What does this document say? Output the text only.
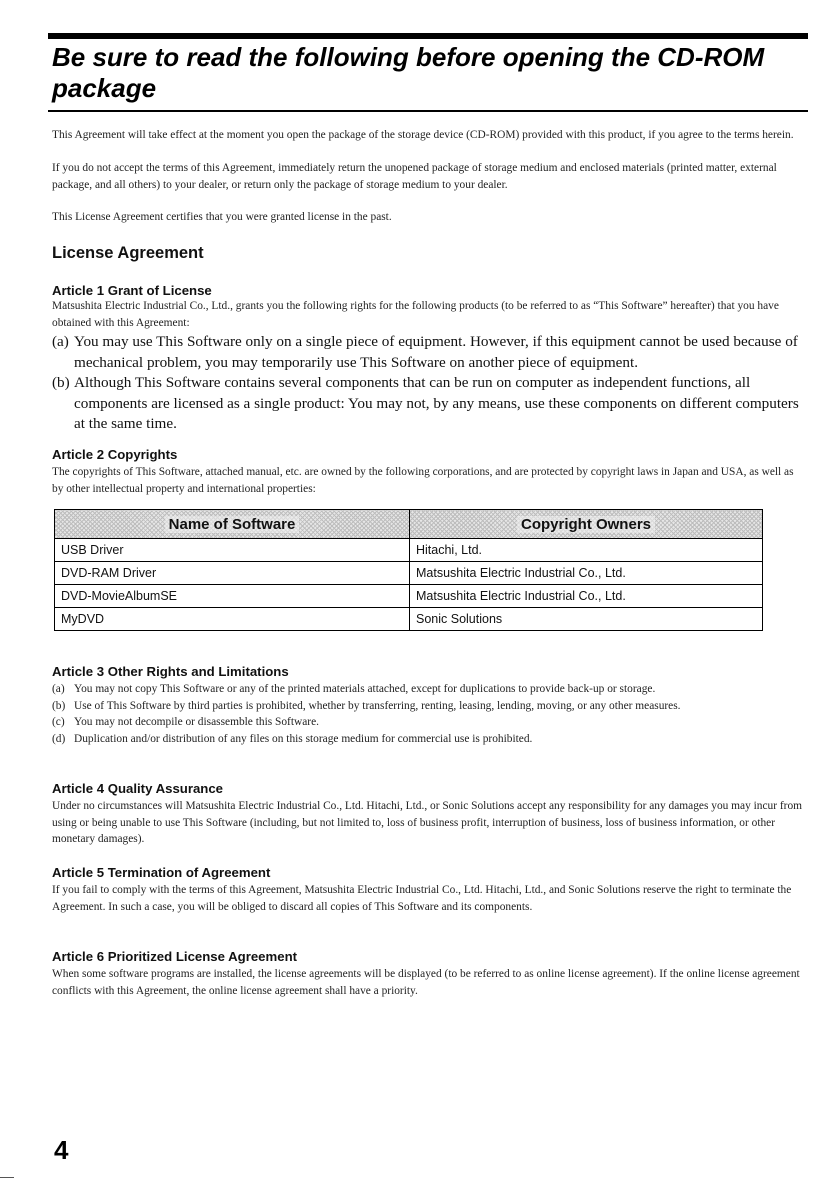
Be sure to read the following before opening the CD-ROM package

This Agreement will take effect at the moment you open the package of the storage device (CD-ROM) provided with this product, if you agree to the terms herein.

If you do not accept the terms of this Agreement, immediately return the unopened package of storage medium and enclosed materials (printed matter, external package, and all others) to your dealer, or return only the package of storage medium to your dealer.

This License Agreement certifies that you were granted license in the past.

License Agreement
Article 1 Grant of License

Matsushita Electric Industrial Co., Ltd., grants you the following rights for the following products (to be referred to as “This Software” hereafter) that you have obtained with this Agreement:

(a) You may use This Software only on a single piece of equipment. However, if this equipment cannot be used because of mechanical problem, you may temporarily use This Software on another piece of equipment.
(b) Although This Software contains several components that can be run on computer as independent functions, all components are licensed as a single product: You may not, by any means, use these components on different computers at the same time.
Article 2 Copyrights

The copyrights of This Software, attached manual, etc. are owned by the following corporations, and are protected by copyright laws in Japan and USA, as well as by other intellectual property and international properties:

Name of Software	Copyright Owners
USB Driver	Hitachi, Ltd.
DVD-RAM Driver	Matsushita Electric Industrial Co., Ltd.
DVD-MovieAlbumSE	Matsushita Electric Industrial Co., Ltd.
MyDVD	Sonic Solutions
Article 3 Other Rights and Limitations
(a) You may not copy This Software or any of the printed materials attached, except for duplications to provide back-up or storage.
(b) Use of This Software by third parties is prohibited, whether by transferring, renting, leasing, lending, moving, or any other measures.
(c) You may not decompile or disassemble this Software.
(d) Duplication and/or distribution of any files on this storage medium for commercial use is prohibited.
Article 4 Quality Assurance

Under no circumstances will Matsushita Electric Industrial Co., Ltd. Hitachi, Ltd., or Sonic Solutions accept any responsibility for any damages you may incur from using or being unable to use This Software (including, but not limited to, loss of business profit, interruption of business, loss of business information, or other monetary damages).

Article 5 Termination of Agreement

If you fail to comply with the terms of this Agreement, Matsushita Electric Industrial Co., Ltd. Hitachi, Ltd., and Sonic Solutions reserve the right to terminate the Agreement. In such a case, you will be obliged to discard all copies of This Software and its components.

Article 6 Prioritized License Agreement

When some software programs are installed, the license agreements will be displayed (to be referred to as online license agreement). If the online license agreement conflicts with this Agreement, the online license agreement shall have a priority.

4
